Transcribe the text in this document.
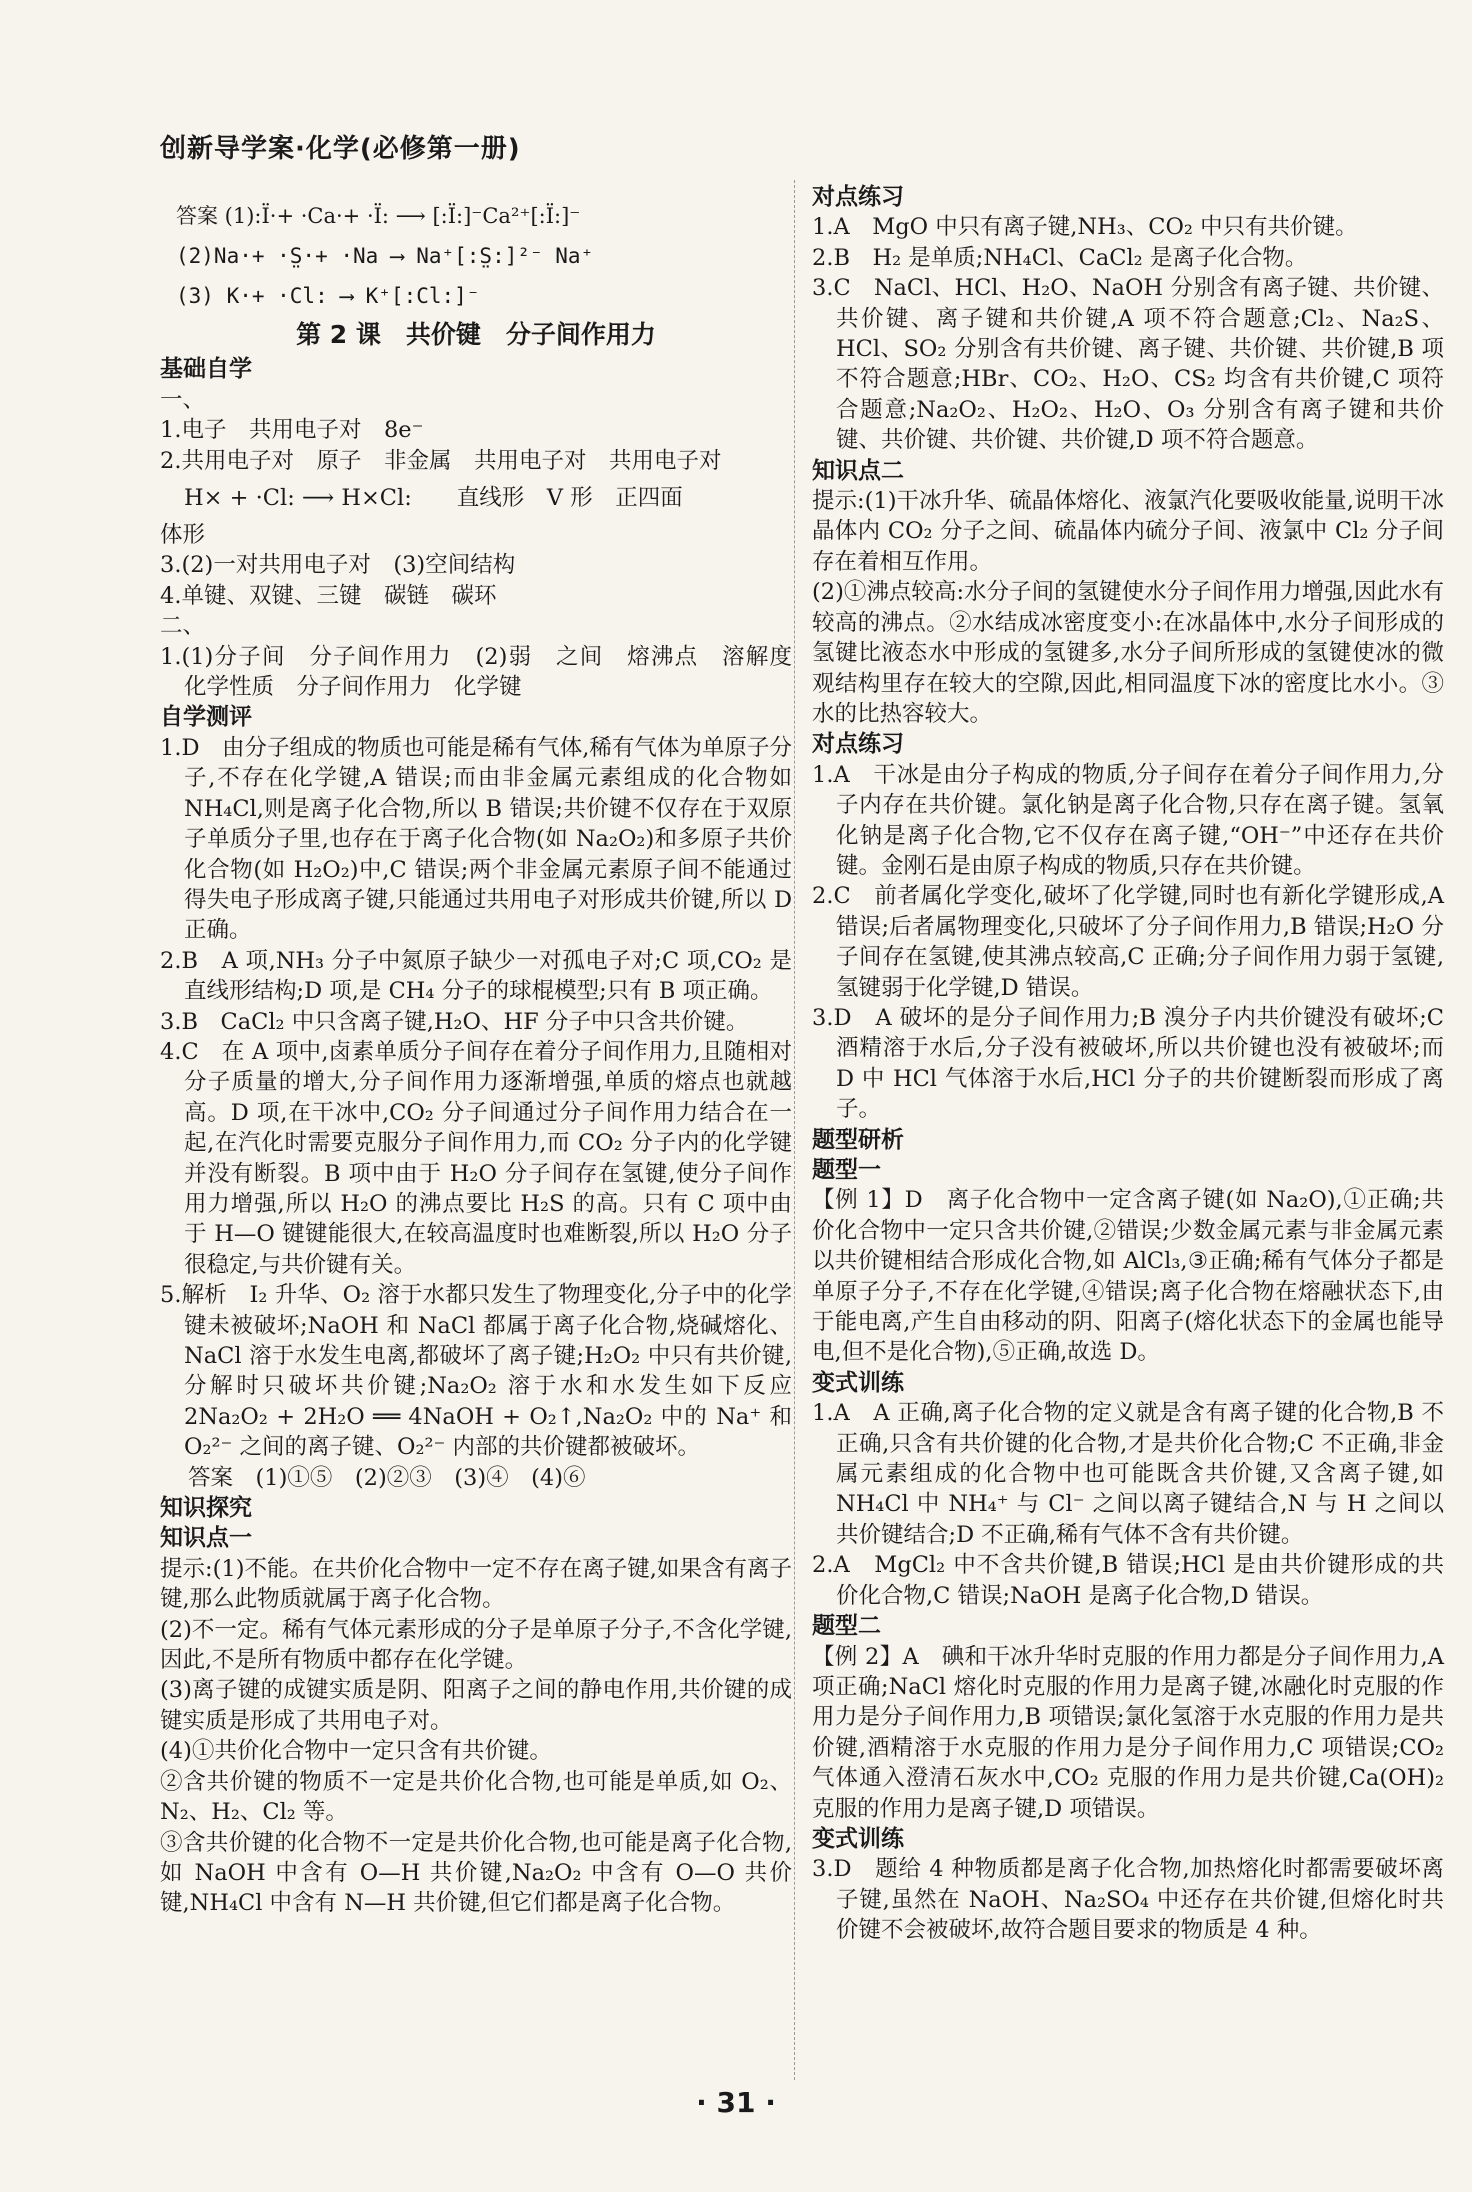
创新导学案·化学(必修第一册)
答案 (1):Ï·+ ·Ca·+ ·Ï: ⟶ [:Ï:]⁻Ca²⁺[:Ï:]⁻
(2)Na·+ ·S̤·+ ·Na ⟶ Na⁺[:S̤:]²⁻ Na⁺
(3) K·+ ·Cl: ⟶ K⁺[:Cl:]⁻
第 2 课　共价键　分子间作用力
基础自学
一、
1.电子　共用电子对　8e⁻
2.共用电子对　原子　非金属　共用电子对　共用电子对
H× + ·Cl: ⟶ H×Cl:　　直线形　V 形　正四面
体形
3.(2)一对共用电子对　(3)空间结构
4.单键、双键、三键　碳链　碳环
二、
1.(1)分子间　分子间作用力　(2)弱　之间　熔沸点　溶解度　化学性质　分子间作用力　化学键
自学测评
1.D　由分子组成的物质也可能是稀有气体,稀有气体为单原子分子,不存在化学键,A 错误;而由非金属元素组成的化合物如 NH₄Cl,则是离子化合物,所以 B 错误;共价键不仅存在于双原子单质分子里,也存在于离子化合物(如 Na₂O₂)和多原子共价化合物(如 H₂O₂)中,C 错误;两个非金属元素原子间不能通过得失电子形成离子键,只能通过共用电子对形成共价键,所以 D 正确。
2.B　A 项,NH₃ 分子中氮原子缺少一对孤电子对;C 项,CO₂ 是直线形结构;D 项,是 CH₄ 分子的球棍模型;只有 B 项正确。
3.B　CaCl₂ 中只含离子键,H₂O、HF 分子中只含共价键。
4.C　在 A 项中,卤素单质分子间存在着分子间作用力,且随相对分子质量的增大,分子间作用力逐渐增强,单质的熔点也就越高。D 项,在干冰中,CO₂ 分子间通过分子间作用力结合在一起,在汽化时需要克服分子间作用力,而 CO₂ 分子内的化学键并没有断裂。B 项中由于 H₂O 分子间存在氢键,使分子间作用力增强,所以 H₂O 的沸点要比 H₂S 的高。只有 C 项中由于 H—O 键键能很大,在较高温度时也难断裂,所以 H₂O 分子很稳定,与共价键有关。
5.解析　I₂ 升华、O₂ 溶于水都只发生了物理变化,分子中的化学键未被破坏;NaOH 和 NaCl 都属于离子化合物,烧碱熔化、NaCl 溶于水发生电离,都破坏了离子键;H₂O₂ 中只有共价键,分解时只破坏共价键;Na₂O₂ 溶于水和水发生如下反应 2Na₂O₂ + 2H₂O ══ 4NaOH + O₂↑,Na₂O₂ 中的 Na⁺ 和 O₂²⁻ 之间的离子键、O₂²⁻ 内部的共价键都被破坏。
答案　(1)①⑤　(2)②③　(3)④　(4)⑥
知识探究
知识点一
提示:(1)不能。在共价化合物中一定不存在离子键,如果含有离子键,那么此物质就属于离子化合物。
(2)不一定。稀有气体元素形成的分子是单原子分子,不含化学键,因此,不是所有物质中都存在化学键。
(3)离子键的成键实质是阴、阳离子之间的静电作用,共价键的成键实质是形成了共用电子对。
(4)①共价化合物中一定只含有共价键。
②含共价键的物质不一定是共价化合物,也可能是单质,如 O₂、N₂、H₂、Cl₂ 等。
③含共价键的化合物不一定是共价化合物,也可能是离子化合物,如 NaOH 中含有 O—H 共价键,Na₂O₂ 中含有 O—O 共价键,NH₄Cl 中含有 N—H 共价键,但它们都是离子化合物。
对点练习
1.A　MgO 中只有离子键,NH₃、CO₂ 中只有共价键。
2.B　H₂ 是单质;NH₄Cl、CaCl₂ 是离子化合物。
3.C　NaCl、HCl、H₂O、NaOH 分别含有离子键、共价键、共价键、离子键和共价键,A 项不符合题意;Cl₂、Na₂S、HCl、SO₂ 分别含有共价键、离子键、共价键、共价键,B 项不符合题意;HBr、CO₂、H₂O、CS₂ 均含有共价键,C 项符合题意;Na₂O₂、H₂O₂、H₂O、O₃ 分别含有离子键和共价键、共价键、共价键、共价键,D 项不符合题意。
知识点二
提示:(1)干冰升华、硫晶体熔化、液氯汽化要吸收能量,说明干冰晶体内 CO₂ 分子之间、硫晶体内硫分子间、液氯中 Cl₂ 分子间存在着相互作用。
(2)①沸点较高:水分子间的氢键使水分子间作用力增强,因此水有较高的沸点。②水结成冰密度变小:在冰晶体中,水分子间形成的氢键比液态水中形成的氢键多,水分子间所形成的氢键使冰的微观结构里存在较大的空隙,因此,相同温度下冰的密度比水小。③水的比热容较大。
对点练习
1.A　干冰是由分子构成的物质,分子间存在着分子间作用力,分子内存在共价键。氯化钠是离子化合物,只存在离子键。氢氧化钠是离子化合物,它不仅存在离子键,“OH⁻”中还存在共价键。金刚石是由原子构成的物质,只存在共价键。
2.C　前者属化学变化,破坏了化学键,同时也有新化学键形成,A 错误;后者属物理变化,只破坏了分子间作用力,B 错误;H₂O 分子间存在氢键,使其沸点较高,C 正确;分子间作用力弱于氢键,氢键弱于化学键,D 错误。
3.D　A 破坏的是分子间作用力;B 溴分子内共价键没有破坏;C 酒精溶于水后,分子没有被破坏,所以共价键也没有被破坏;而 D 中 HCl 气体溶于水后,HCl 分子的共价键断裂而形成了离子。
题型研析
题型一
【例 1】D　离子化合物中一定含离子键(如 Na₂O),①正确;共价化合物中一定只含共价键,②错误;少数金属元素与非金属元素以共价键相结合形成化合物,如 AlCl₃,③正确;稀有气体分子都是单原子分子,不存在化学键,④错误;离子化合物在熔融状态下,由于能电离,产生自由移动的阴、阳离子(熔化状态下的金属也能导电,但不是化合物),⑤正确,故选 D。
变式训练
1.A　A 正确,离子化合物的定义就是含有离子键的化合物,B 不正确,只含有共价键的化合物,才是共价化合物;C 不正确,非金属元素组成的化合物中也可能既含共价键,又含离子键,如 NH₄Cl 中 NH₄⁺ 与 Cl⁻ 之间以离子键结合,N 与 H 之间以共价键结合;D 不正确,稀有气体不含有共价键。
2.A　MgCl₂ 中不含共价键,B 错误;HCl 是由共价键形成的共价化合物,C 错误;NaOH 是离子化合物,D 错误。
题型二
【例 2】A　碘和干冰升华时克服的作用力都是分子间作用力,A 项正确;NaCl 熔化时克服的作用力是离子键,冰融化时克服的作用力是分子间作用力,B 项错误;氯化氢溶于水克服的作用力是共价键,酒精溶于水克服的作用力是分子间作用力,C 项错误;CO₂ 气体通入澄清石灰水中,CO₂ 克服的作用力是共价键,Ca(OH)₂ 克服的作用力是离子键,D 项错误。
变式训练
3.D　题给 4 种物质都是离子化合物,加热熔化时都需要破坏离子键,虽然在 NaOH、Na₂SO₄ 中还存在共价键,但熔化时共价键不会被破坏,故符合题目要求的物质是 4 种。
· 31 ·
